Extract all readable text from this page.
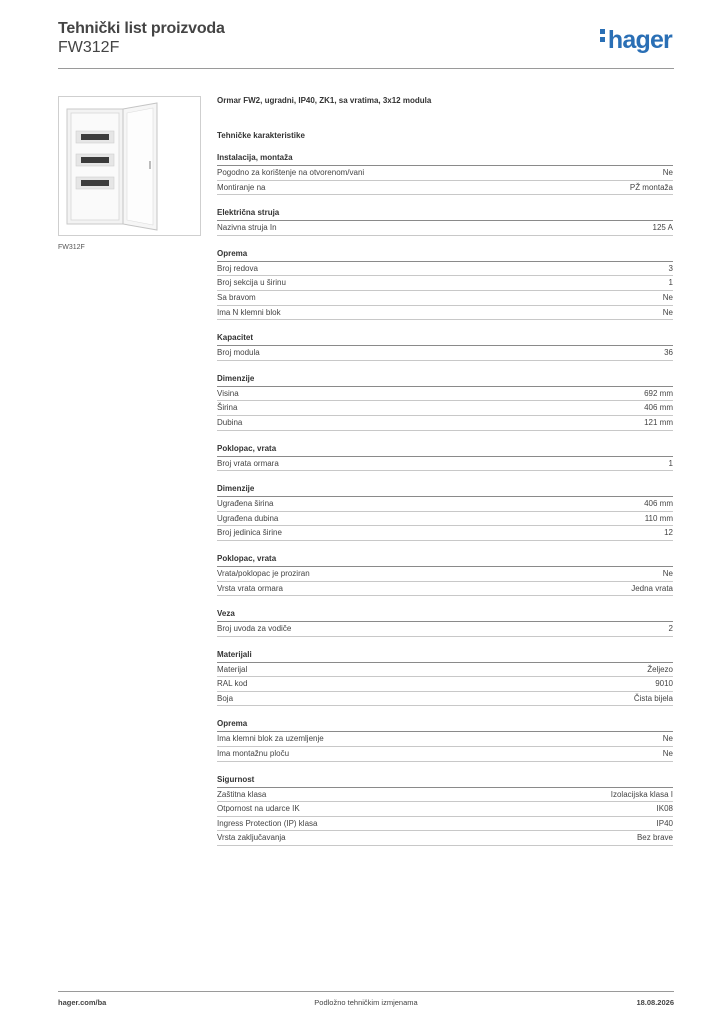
Tehnički list proizvoda
FW312F	hager
FW312F
Ormar FW2, ugradni, IP40, ZK1, sa vratima, 3x12 modula
Tehničke karakteristike
Instalacija, montaža
Pogodno za korištenje na otvorenom/vani	Ne
Montiranje na	PŽ montaža
Električna struja
Nazivna struja In	125 A
Oprema
Broj redova	3
Broj sekcija u širinu	1
Sa bravom	Ne
Ima N klemni blok	Ne
Kapacitet
Broj modula	36
Dimenzije
Visina	692 mm
Širina	406 mm
Dubina	121 mm
Poklopac, vrata
Broj vrata ormara	1
Dimenzije
Ugrađena širina	406 mm
Ugrađena dubina	110 mm
Broj jedinica širine	12
Poklopac, vrata
Vrata/poklopac je proziran	Ne
Vrsta vrata ormara	Jedna vrata
Veza
Broj uvoda za vodiče	2
Materijali
Materijal	Željezo
RAL kod	9010
Boja	Čista bijela
Oprema
Ima klemni blok za uzemljenje	Ne
Ima montažnu ploču	Ne
Sigurnost
Zaštitna klasa	Izolacijska klasa I
Otpornost na udarce IK	IK08
Ingress Protection (IP) klasa	IP40
Vrsta zaključavanja	Bez brave
hager.com/ba	Podložno tehničkim izmjenama	18.08.2026
